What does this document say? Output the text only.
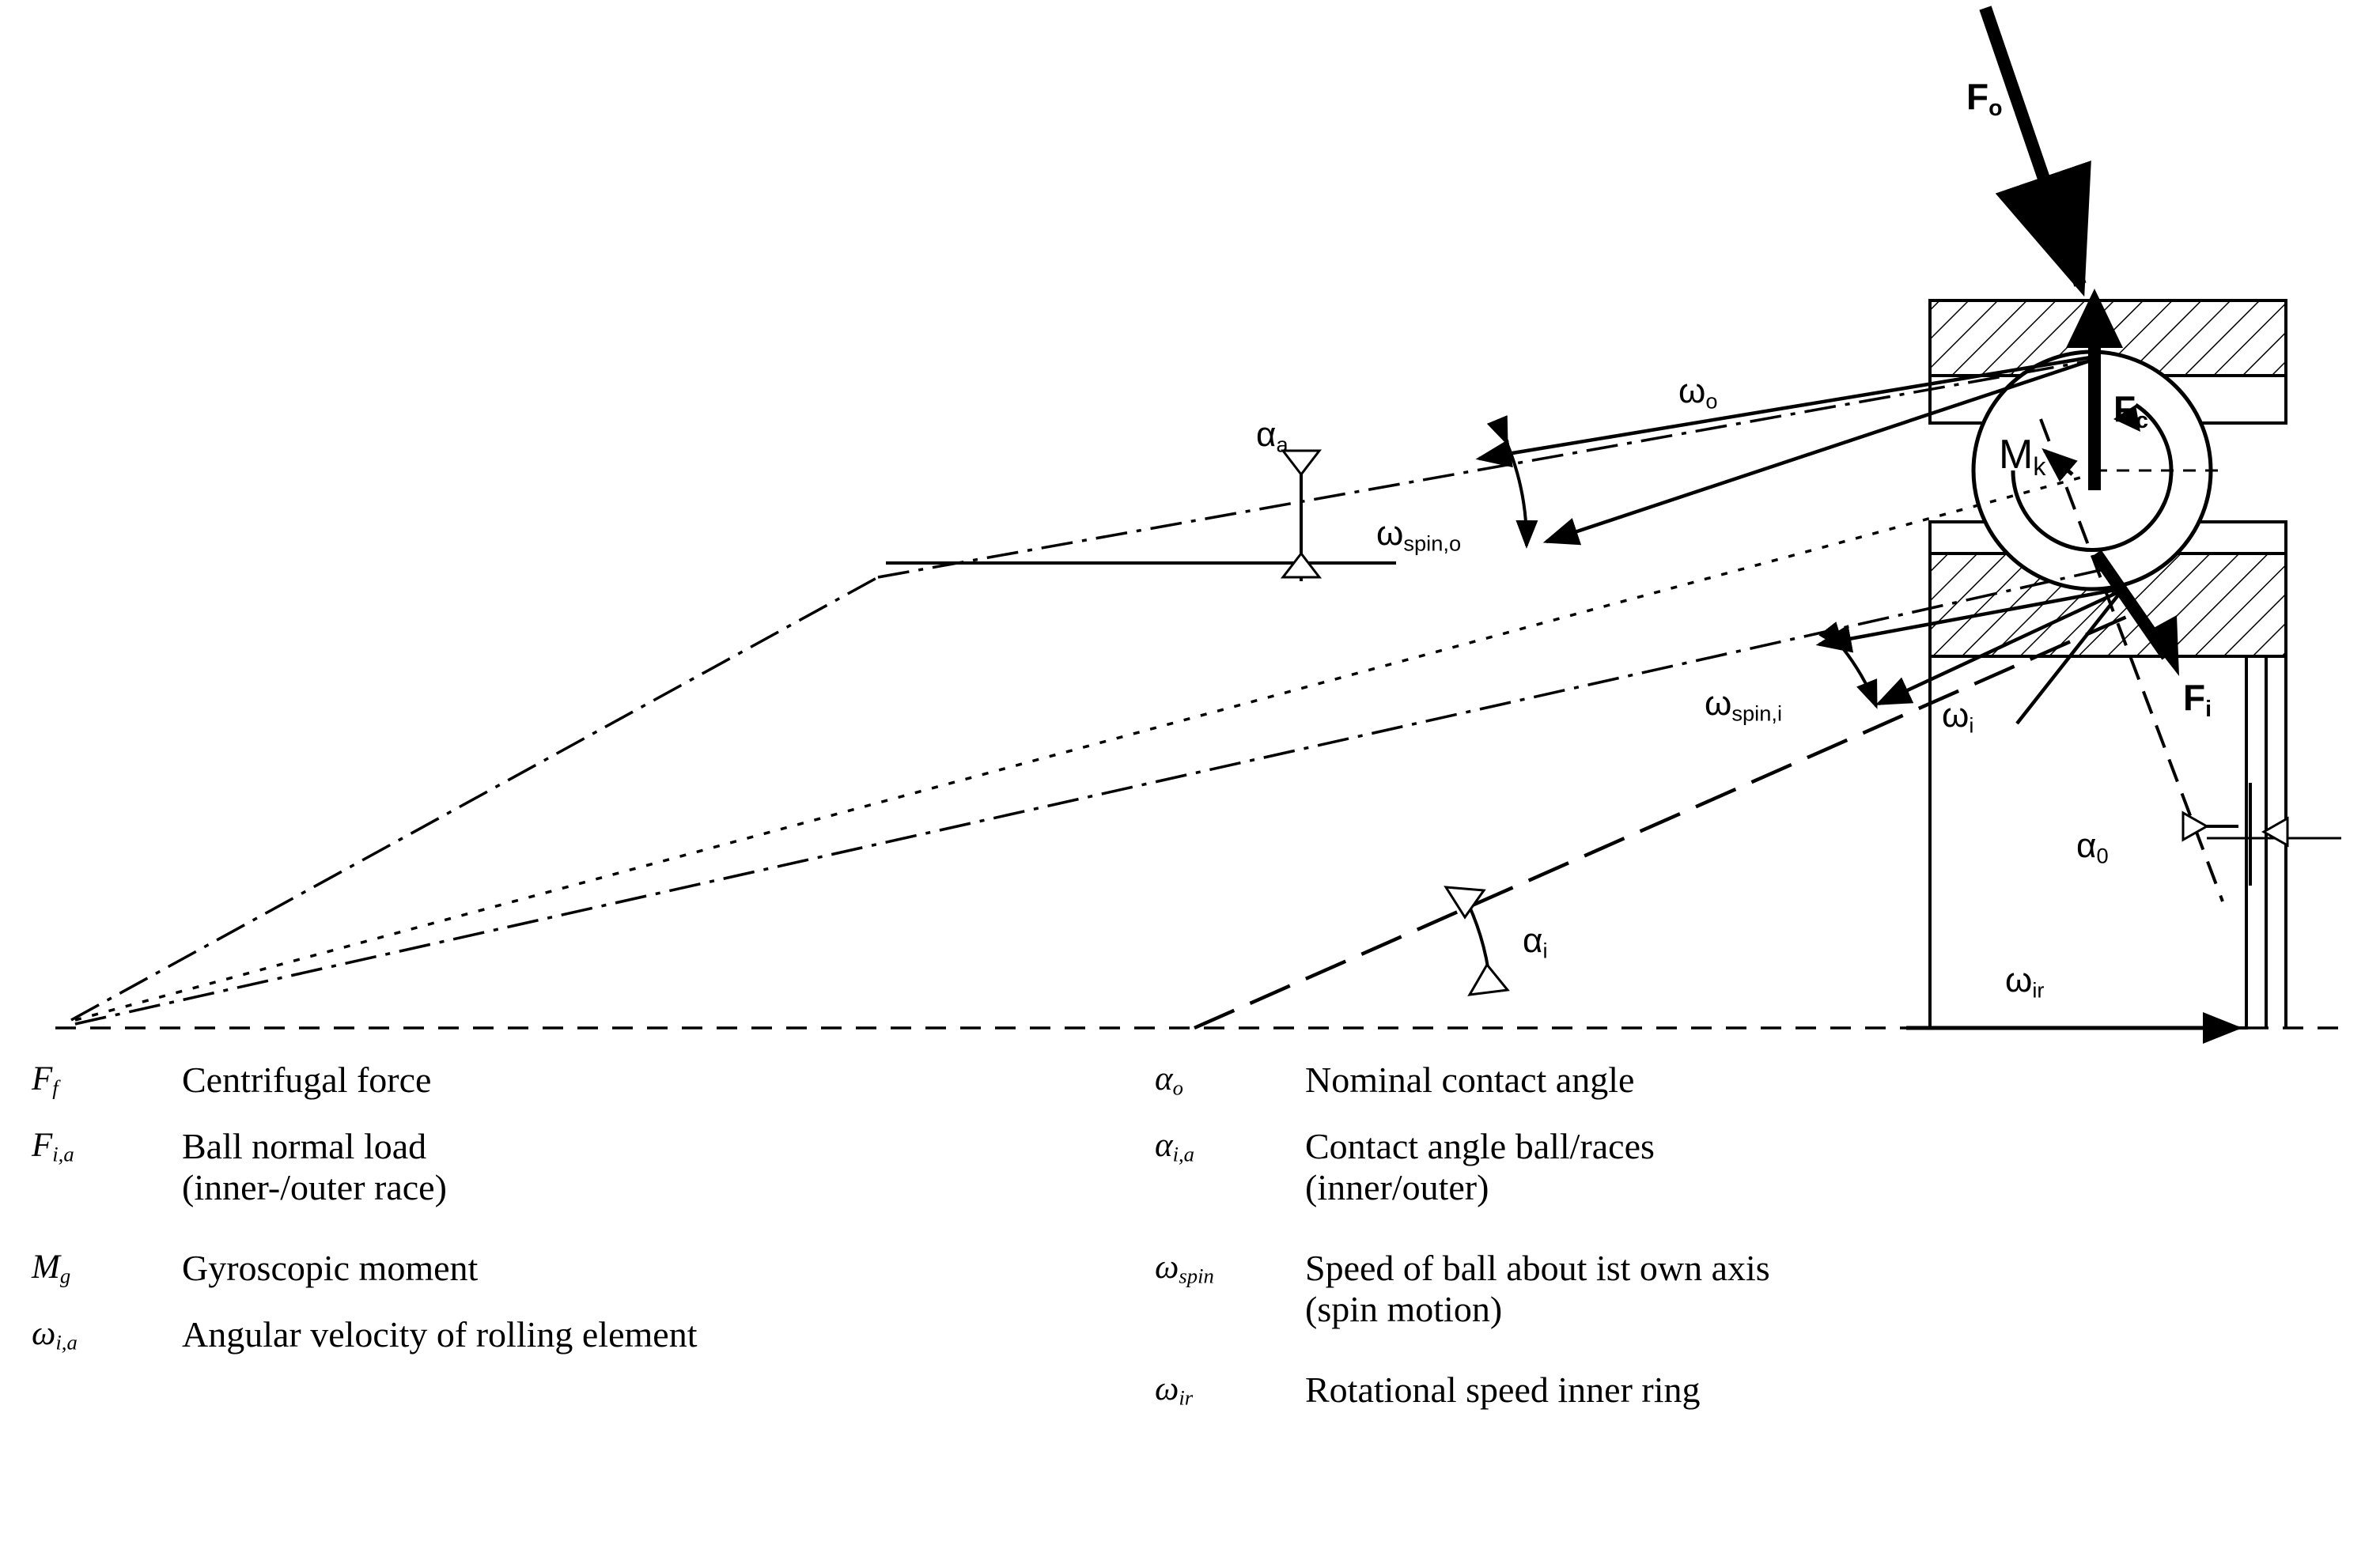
$F_o$
$F_c$
$M_k$
$F_i$
$\omega_o$
$\omega_{spin,o}$
$\omega_{spin,i}$	$\omega_i$
$\omega_{ir}$
$\alpha_a$
$\alpha_i$
$\alpha_0$
Ff	Centrifugal force
Fi,a	Ball normal load
(inner-/outer race)
Mg	Gyroscopic moment
ωi,a	Angular velocity of rolling element
αo	Nominal contact angle
αi,a	Contact angle ball/races
(inner/outer)
ωspin	Speed of ball about ist own axis
(spin motion)
ωir	Rotational speed inner ring
